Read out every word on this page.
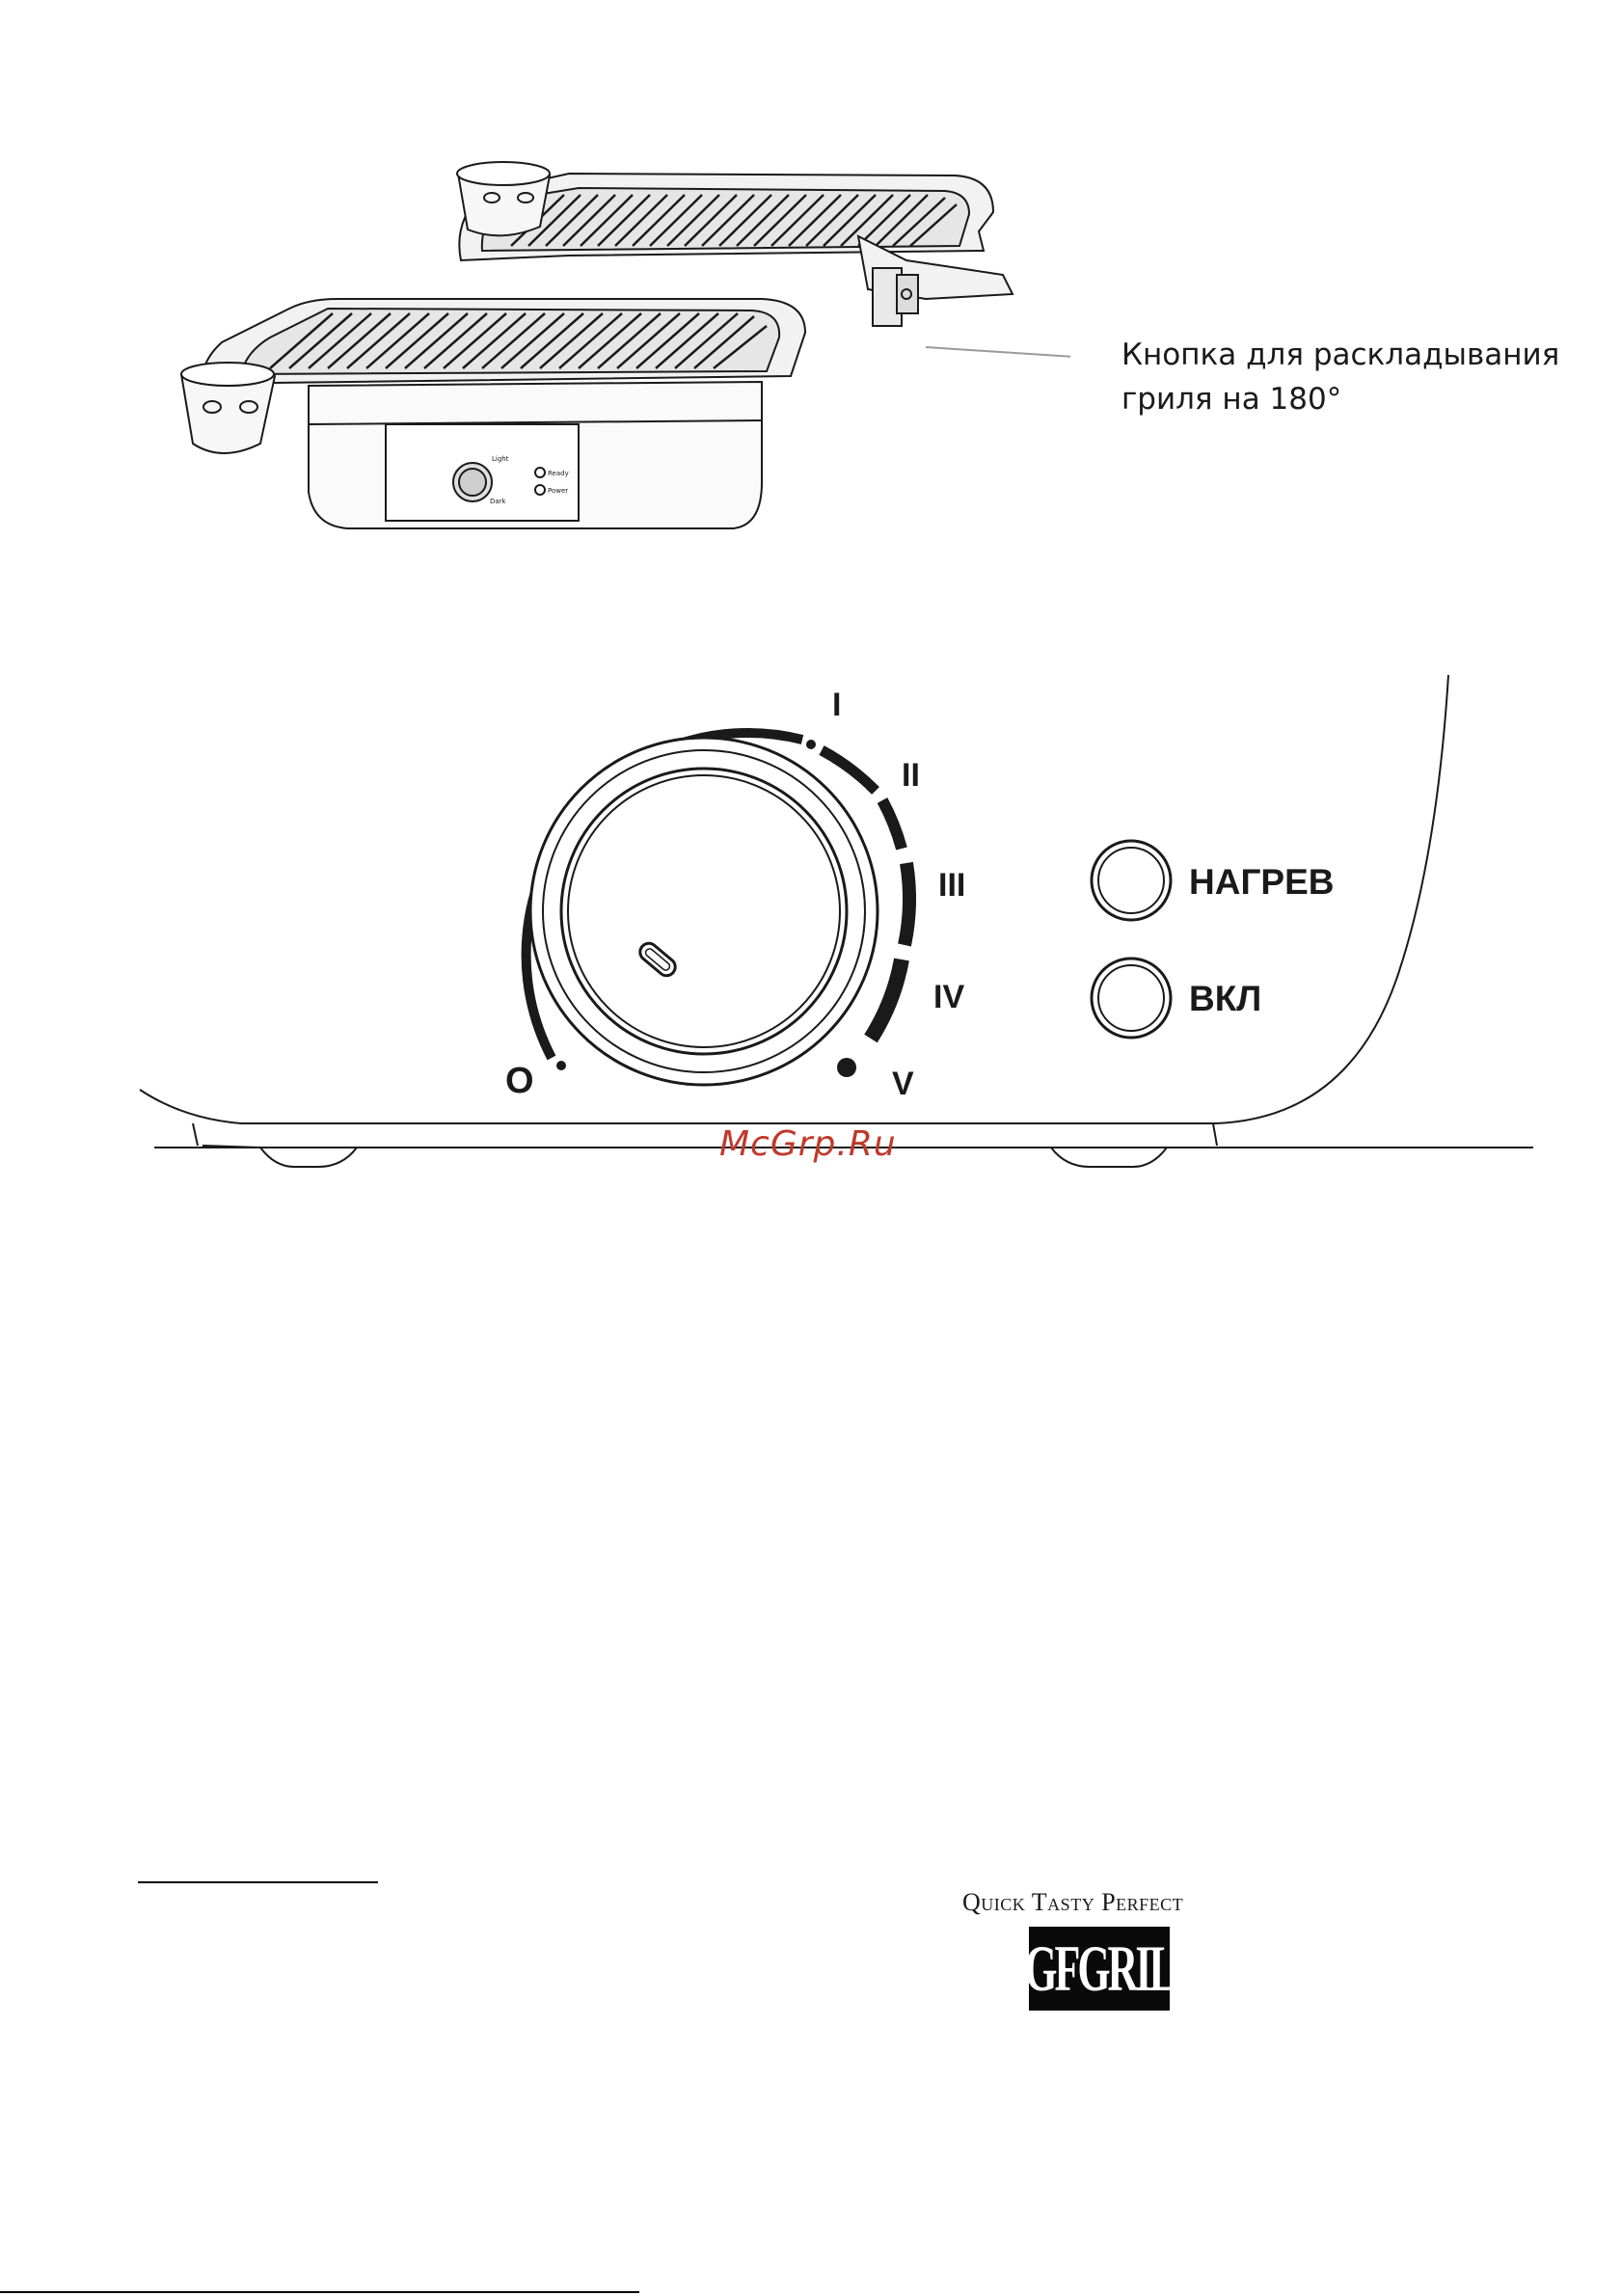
Light
Dark
Ready
Power
Кнопка для раскладывания
гриля на 180°
O
I
II
III
IV
V
НАГРЕВ
ВКЛ
McGrp.Ru
Quick Tasty Perfect
GFGRIL
